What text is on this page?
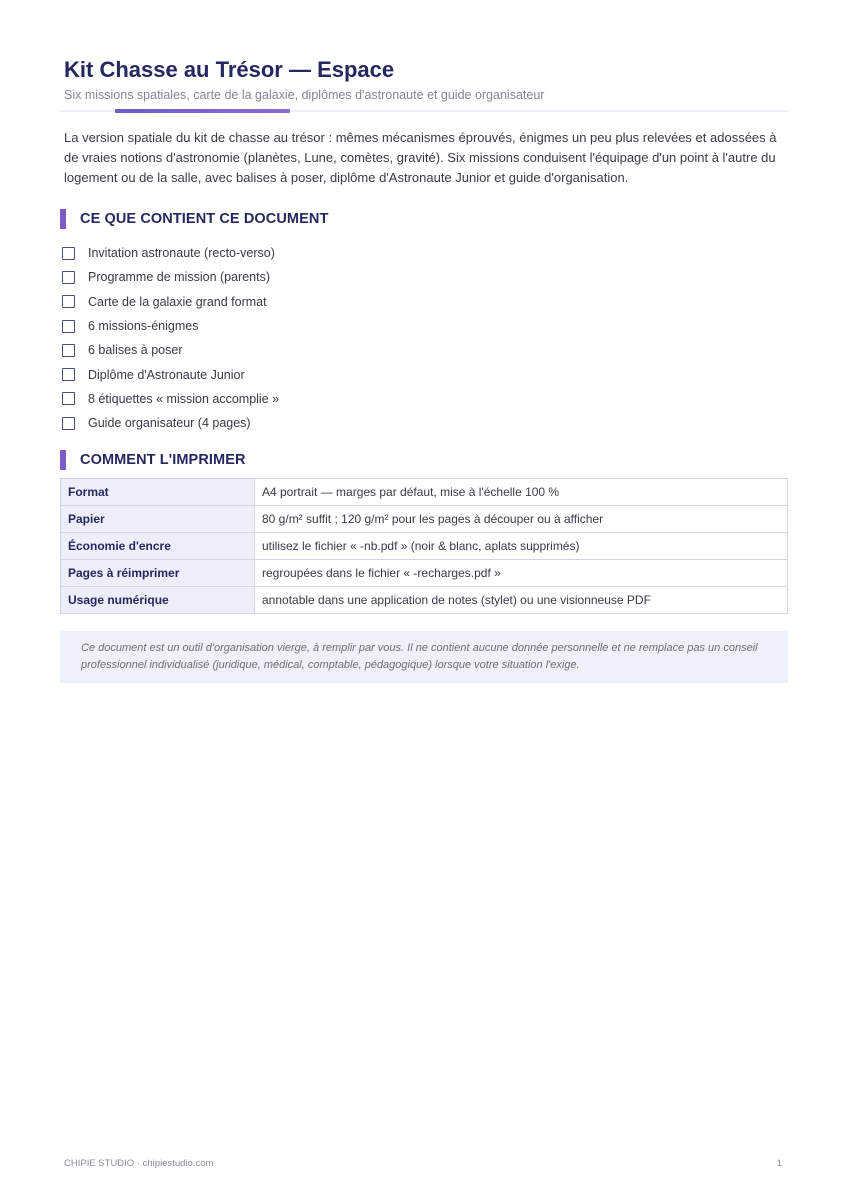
Kit Chasse au Trésor — Espace

Six missions spatiales, carte de la galaxie, diplômes d'astronaute et guide organisateur

La version spatiale du kit de chasse au trésor : mêmes mécanismes éprouvés, énigmes un peu plus relevées et adossées à de vraies notions d'astronomie (planètes, Lune, comètes, gravité). Six missions conduisent l'équipage d'un point à l'autre du logement ou de la salle, avec balises à poser, diplôme d'Astronaute Junior et guide d'organisation.

CE QUE CONTIENT CE DOCUMENT
Invitation astronaute (recto-verso)
Programme de mission (parents)
Carte de la galaxie grand format
6 missions-énigmes
6 balises à poser
Diplôme d'Astronaute Junior
8 étiquettes « mission accomplie »
Guide organisateur (4 pages)
COMMENT L'IMPRIMER
Format	A4 portrait — marges par défaut, mise à l'échelle 100 %
Papier	80 g/m² suffit ; 120 g/m² pour les pages à découper ou à afficher
Économie d'encre	utilisez le fichier « -nb.pdf » (noir & blanc, aplats supprimés)
Pages à réimprimer	regroupées dans le fichier « -recharges.pdf »
Usage numérique	annotable dans une application de notes (stylet) ou une visionneuse PDF
Ce document est un outil d'organisation vierge, à remplir par vous. Il ne contient aucune donnée personnelle et ne remplace pas un conseil professionnel individualisé (juridique, médical, comptable, pédagogique) lorsque votre situation l'exige.
CHIPIE STUDIO · chipiestudio.com	1
